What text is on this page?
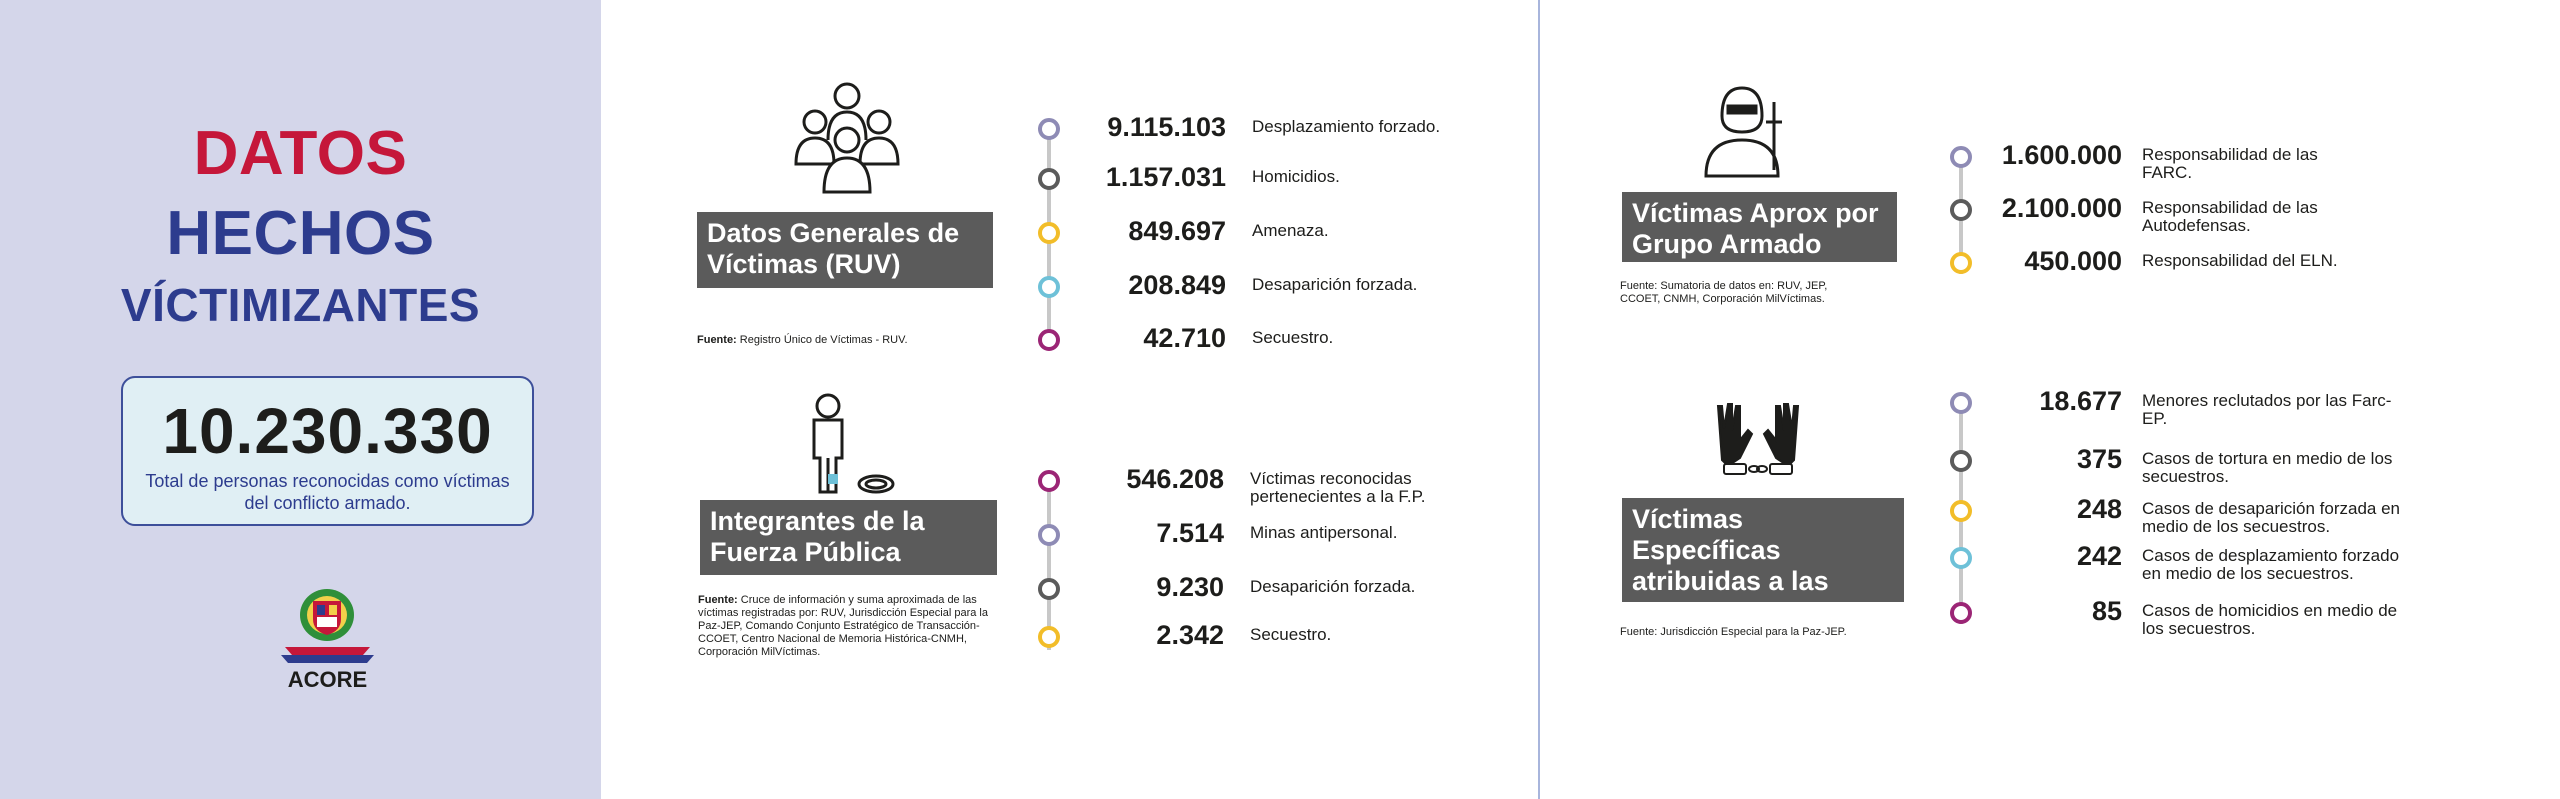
DATOS
HECHOS
VÍCTIMIZANTES
10.230.330
Total de personas reconocidas como víctimas del conflicto armado.
ACORE
Datos Generales de Víctimas (RUV)
Fuente: Registro Único de Víctimas - RUV.
9.115.103 Desplazamiento forzado.
1.157.031 Homicidios.
849.697 Amenaza.
208.849 Desaparición forzada.
42.710 Secuestro.
Integrantes de la Fuerza Pública
Fuente: Cruce de información y suma aproximada de las víctimas registradas por: RUV, Jurisdicción Especial para la Paz-JEP, Comando Conjunto Estratégico de Transacción-CCOET, Centro Nacional de Memoria Histórica-CNMH, Corporación MilVíctimas.
546.208 Víctimas reconocidas pertenecientes a la F.P.
7.514 Minas antipersonal.
9.230 Desaparición forzada.
2.342 Secuestro.
Víctimas Aprox por Grupo Armado
Fuente: Sumatoria de datos en: RUV, JEP, CCOET, CNMH, Corporación MilVíctimas.
1.600.000 Responsabilidad de las FARC.
2.100.000 Responsabilidad de las Autodefensas.
450.000 Responsabilidad del ELN.
Víctimas Específicas atribuidas a las FARC-EP
Fuente: Jurisdicción Especial para la Paz-JEP.
18.677 Menores reclutados por las Farc-EP.
375 Casos de tortura en medio de los secuestros.
248 Casos de desaparición forzada en medio de los secuestros.
242 Casos de desplazamiento forzado en medio de los secuestros.
85 Casos de homicidios en medio de los secuestros.
